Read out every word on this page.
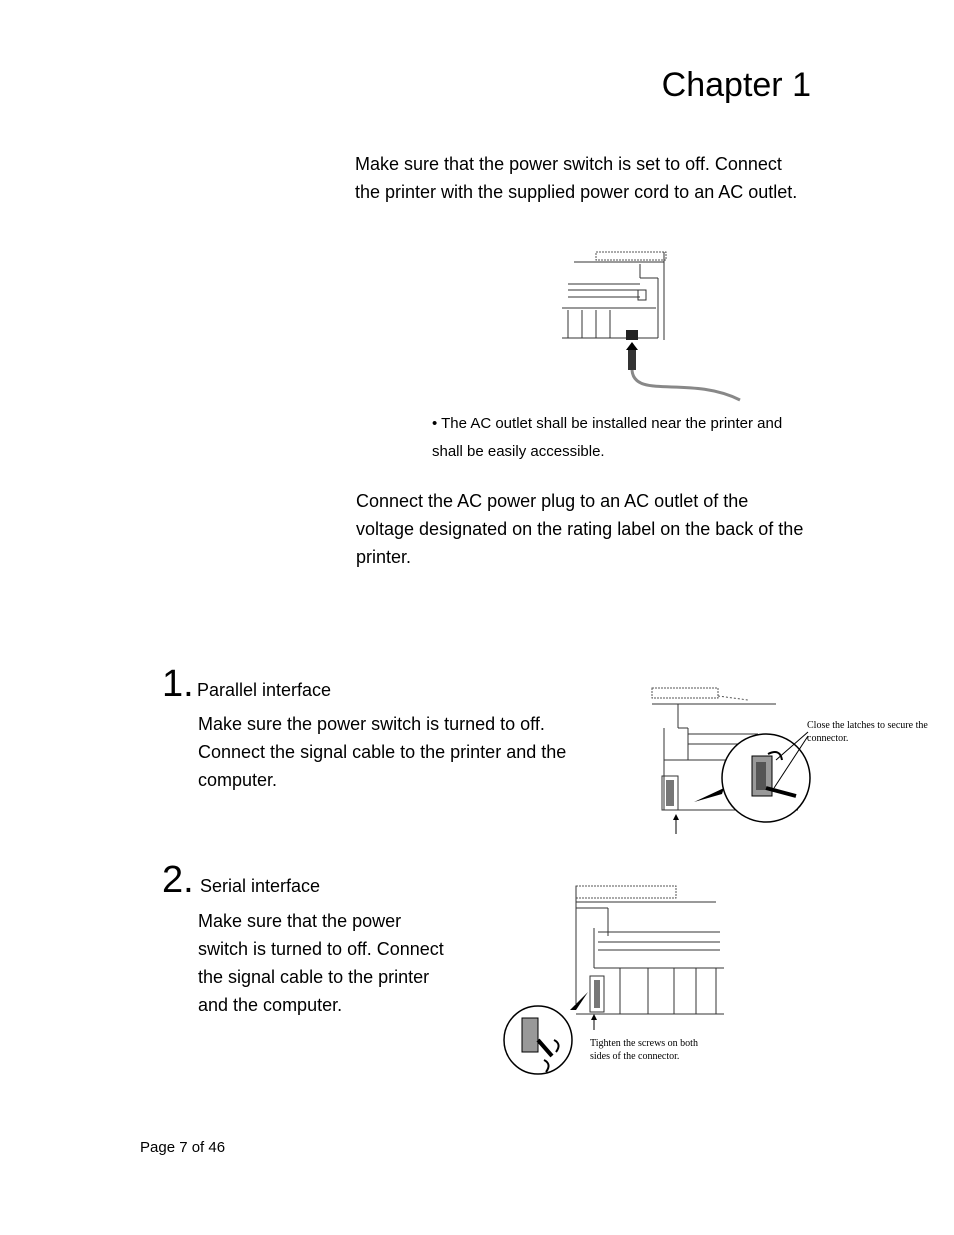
Chapter 1
Make sure that the power switch is set to off. Connect the printer with the supplied power cord to an AC outlet.
• The AC outlet shall be installed near the printer and shall be easily accessible.
Connect the AC power plug to an AC outlet of the voltage designated on the rating label on the back of the printer.
1. Parallel interface
Make sure the power switch is turned to off. Connect the signal cable to the printer and the computer.
Close the latches to secure the connector.
2. Serial interface
Make sure that the power switch is turned to off. Connect the signal cable to the printer and the computer.
Tighten the screws on both sides of the connector.
Page 7 of 46
